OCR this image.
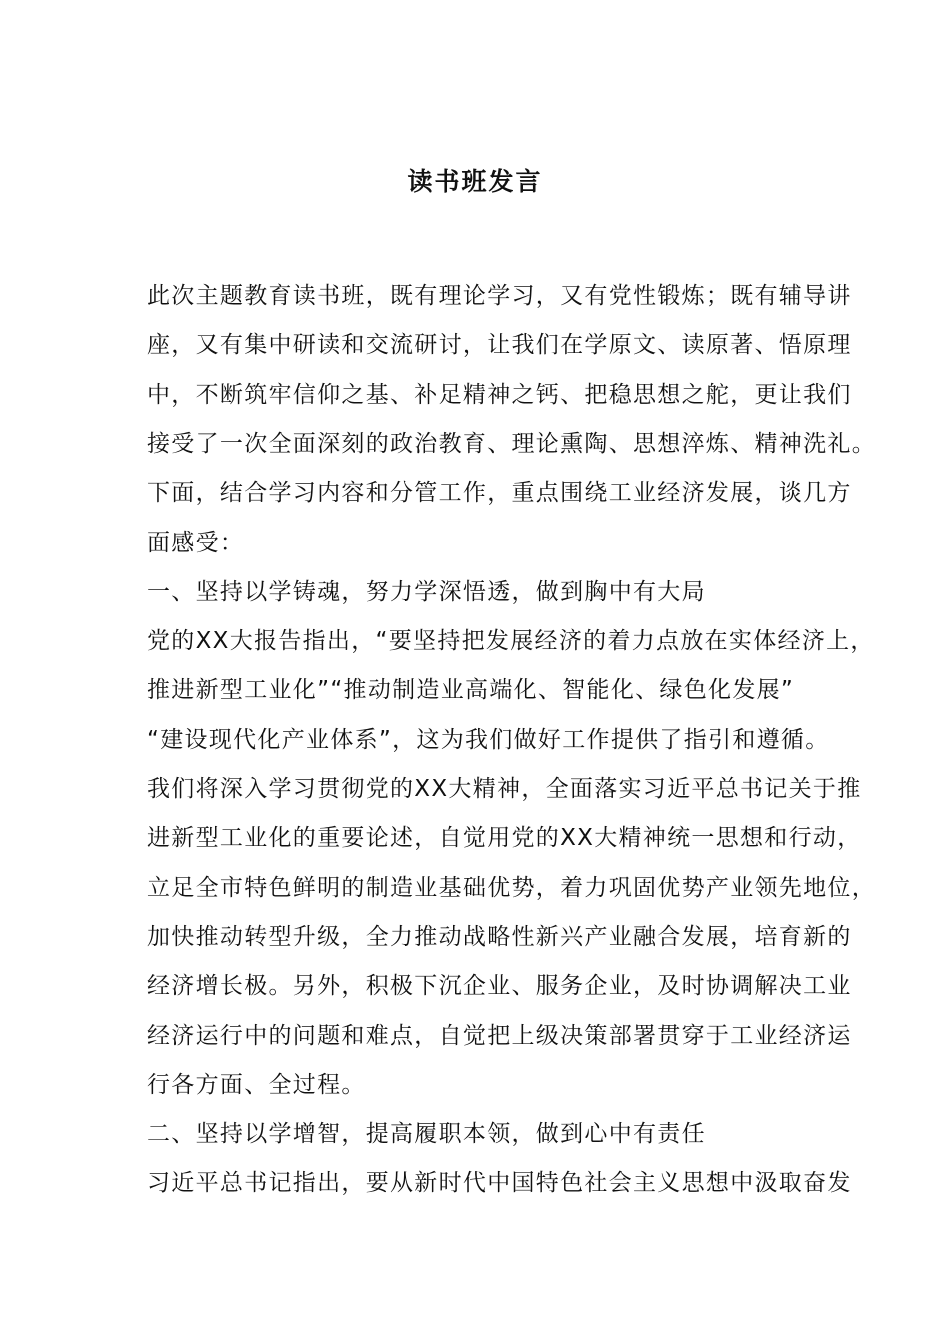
读书班发言
此次主题教育读书班，既有理论学习，又有党性锻炼；既有辅导讲
座，又有集中研读和交流研讨，让我们在学原文、读原著、悟原理
中，不断筑牢信仰之基、补足精神之钙、把稳思想之舵，更让我们
接受了一次全面深刻的政治教育、理论熏陶、思想淬炼、精神洗礼。
下面，结合学习内容和分管工作，重点围绕工业经济发展，谈几方
面感受：
一、坚持以学铸魂，努力学深悟透，做到胸中有大局
党的XX大报告指出，“要坚持把发展经济的着力点放在实体经济上，
推进新型工业化”“推动制造业高端化、智能化、绿色化发展”
“建设现代化产业体系”，这为我们做好工作提供了指引和遵循。
我们将深入学习贯彻党的XX大精神，全面落实习近平总书记关于推
进新型工业化的重要论述，自觉用党的XX大精神统一思想和行动，
立足全市特色鲜明的制造业基础优势，着力巩固优势产业领先地位，
加快推动转型升级，全力推动战略性新兴产业融合发展，培育新的
经济增长极。另外，积极下沉企业、服务企业，及时协调解决工业
经济运行中的问题和难点，自觉把上级决策部署贯穿于工业经济运
行各方面、全过程。
二、坚持以学增智，提高履职本领，做到心中有责任
习近平总书记指出，要从新时代中国特色社会主义思想中汲取奋发
